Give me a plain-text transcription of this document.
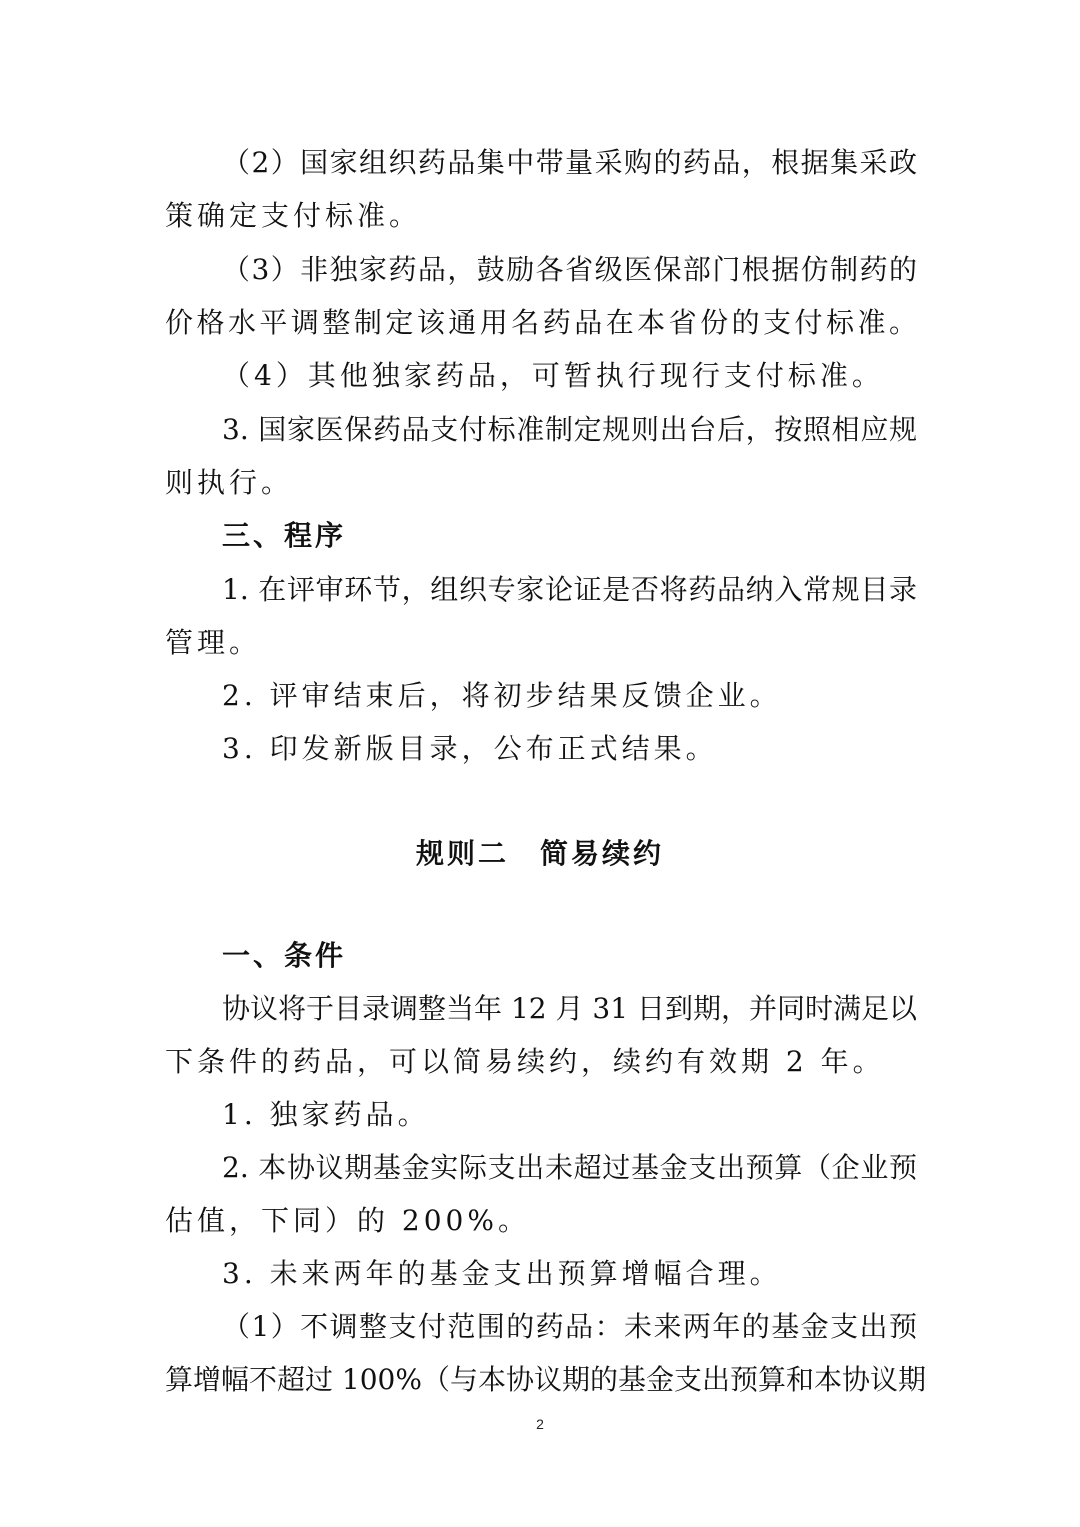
（2）国家组织药品集中带量采购的药品，根据集采政
策确定支付标准。
（3）非独家药品，鼓励各省级医保部门根据仿制药的
价格水平调整制定该通用名药品在本省份的支付标准。
（4）其他独家药品，可暂执行现行支付标准。
3. 国家医保药品支付标准制定规则出台后，按照相应规
则执行。
三、程序
1. 在评审环节，组织专家论证是否将药品纳入常规目录
管理。
2. 评审结束后，将初步结果反馈企业。
3. 印发新版目录，公布正式结果。
规则二　简易续约
一、条件
协议将于目录调整当年 12 月 31 日到期，并同时满足以
下条件的药品，可以简易续约，续约有效期 2 年。
1. 独家药品。
2. 本协议期基金实际支出未超过基金支出预算（企业预
估值，下同）的 200%。
3. 未来两年的基金支出预算增幅合理。
（1）不调整支付范围的药品：未来两年的基金支出预
算增幅不超过 100%（与本协议期的基金支出预算和本协议期
2
